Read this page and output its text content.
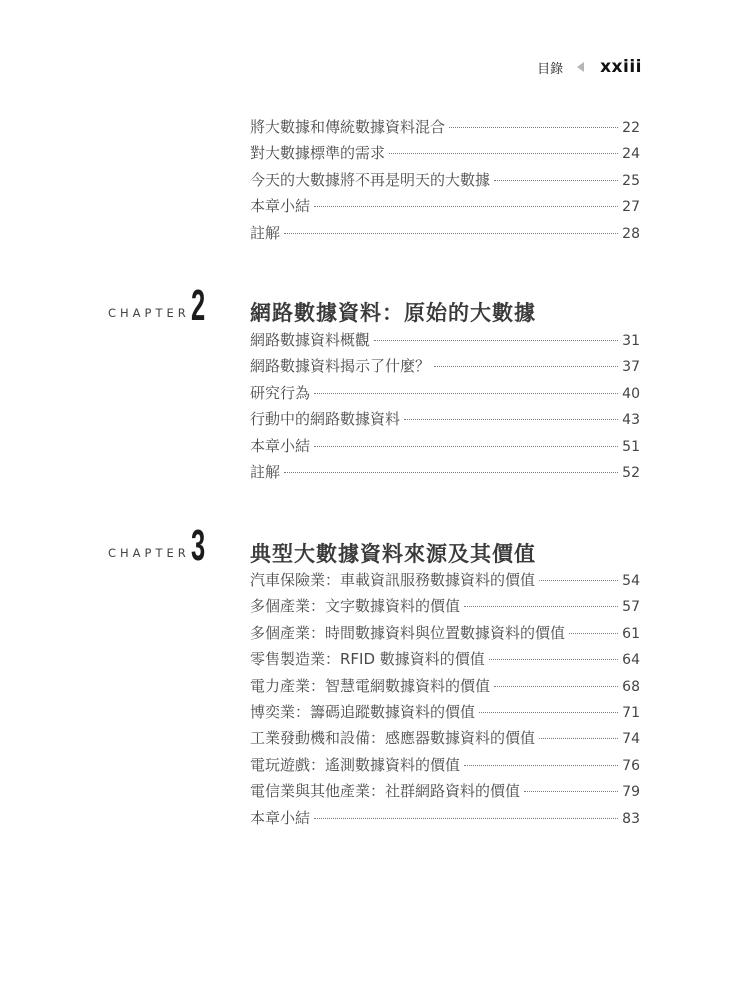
目錄 xxiii
將大數據和傳統數據資料混合	22
對大數據標準的需求	24
今天的大數據將不再是明天的大數據	25
本章小結	27
註解	28
CHAPTER 2 網路數據資料：原始的大數據
網路數據資料概觀	31
網路數據資料揭示了什麼？	37
研究行為	40
行動中的網路數據資料	43
本章小結	51
註解	52
CHAPTER 3 典型大數據資料來源及其價值
汽車保險業：車載資訊服務數據資料的價值	54
多個產業：文字數據資料的價值	57
多個產業：時間數據資料與位置數據資料的價值	61
零售製造業：RFID 數據資料的價值	64
電力產業：智慧電網數據資料的價值	68
博奕業：籌碼追蹤數據資料的價值	71
工業發動機和設備：感應器數據資料的價值	74
電玩遊戲：遙測數據資料的價值	76
電信業與其他產業：社群網路資料的價值	79
本章小結	83
